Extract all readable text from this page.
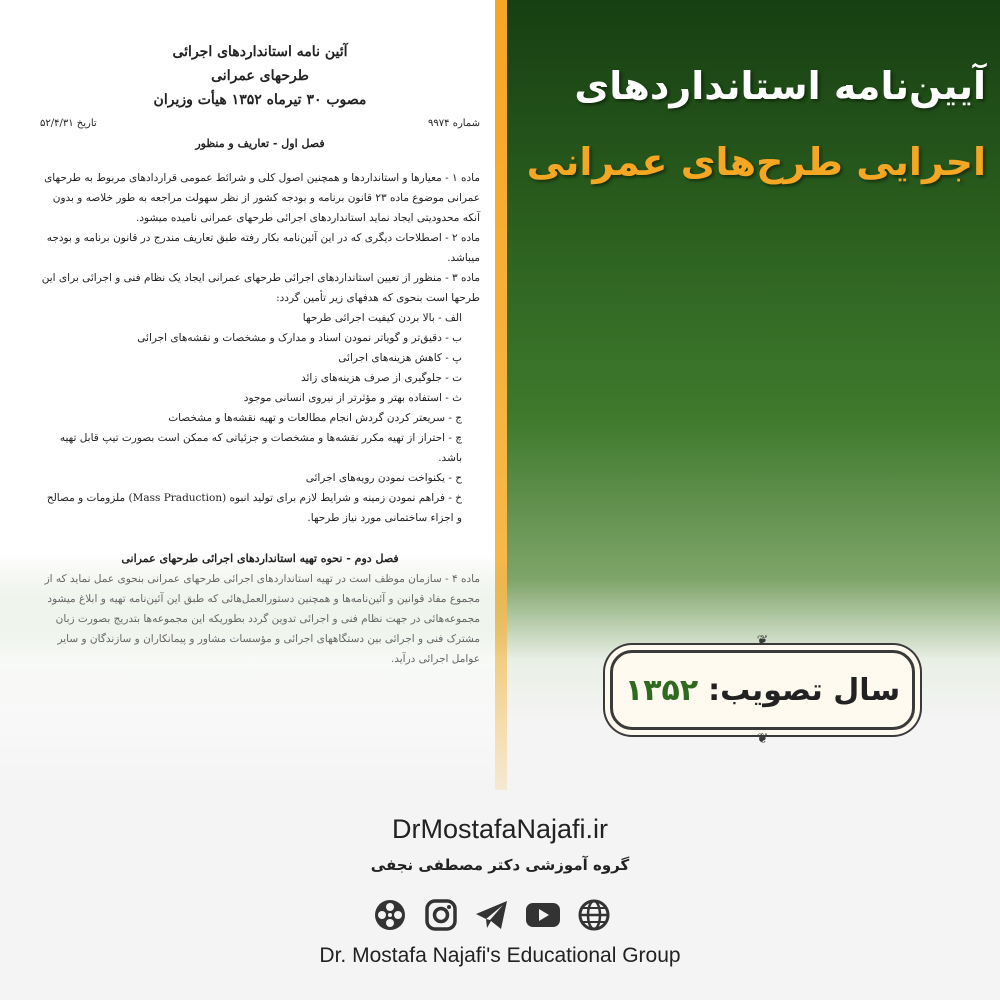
آئین نامه استانداردهای اجرائی
طرحهای عمرانی
مصوب ۳۰ تیرماه ۱۳۵۲ هیأت وزیران
شماره ۹۹۷۴
تاریخ ۵۲/۴/۳۱
فصل اول - تعاریف و منظور
ماده ۱ - معیارها و استانداردها و همچنین اصول کلی و شرائط عمومی قراردادهای مربوط به طرحهای عمرانی موضوع ماده ۲۳ قانون برنامه و بودجه کشور از نظر سهولت مراجعه به طور خلاصه و بدون آنکه محدودیتی ایجاد نماید استانداردهای اجرائی طرحهای عمرانی نامیده میشود.
ماده ۲ - اصطلاحات دیگری که در این آئین‌نامه بکار رفته طبق تعاریف مندرج در قانون برنامه و بودجه میباشد.
ماده ۳ - منظور از تعیین استانداردهای اجرائی طرحهای عمرانی ایجاد یک نظام فنی و اجرائی برای این طرحها است بنحوی که هدفهای زیر تأمین گردد:
الف - بالا بردن کیفیت اجرائی طرحها
ب - دقیق‌تر و گویاتر نمودن اسناد و مدارک و مشخصات و نقشه‌های اجرائی
پ - کاهش هزینه‌های اجرائی
ت - جلوگیری از صرف هزینه‌های زائد
ث - استفاده بهتر و مؤثرتر از نیروی انسانی موجود
ج - سریعتر کردن گردش انجام مطالعات و تهیه نقشه‌ها و مشخصات
چ - احتراز از تهیه مکرر نقشه‌ها و مشخصات و جزئیاتی که ممکن است بصورت تیپ قابل تهیه باشد.
ح - یکنواخت نمودن رویه‌های اجرائی
خ - فراهم نمودن زمینه و شرایط لازم برای تولید انبوه (Mass Praduction) ملزومات و مصالح و اجزاء ساختمانی مورد نیاز طرحها.
فصل دوم - نحوه تهیه استانداردهای اجرائی طرحهای عمرانی
ماده ۴ - سازمان موظف است در تهیه استانداردهای اجرائی طرحهای عمرانی بنحوی عمل نماید که از مجموع مفاد قوانین و آئین‌نامه‌ها و همچنین دستورالعمل‌هائی که طبق این آئین‌نامه تهیه و ابلاغ میشود مجموعه‌هائی در جهت نظام فنی و اجرائی تدوین گردد بطوریکه این مجموعه‌ها بتدریج بصورت زبان مشترک فنی و اجرائی بین دستگاههای اجرائی و مؤسسات مشاور و پیمانکاران و سازندگان و سایر عوامل اجرائی درآید.
آیین‌نامه استانداردهای
اجرایی طرح‌های عمرانی
❦
❦
سال تصویب:
۱۳۵۲
DrMostafaNajafi.ir
گروه آموزشی دکتر مصطفی نجفی
Dr. Mostafa Najafi's Educational Group
